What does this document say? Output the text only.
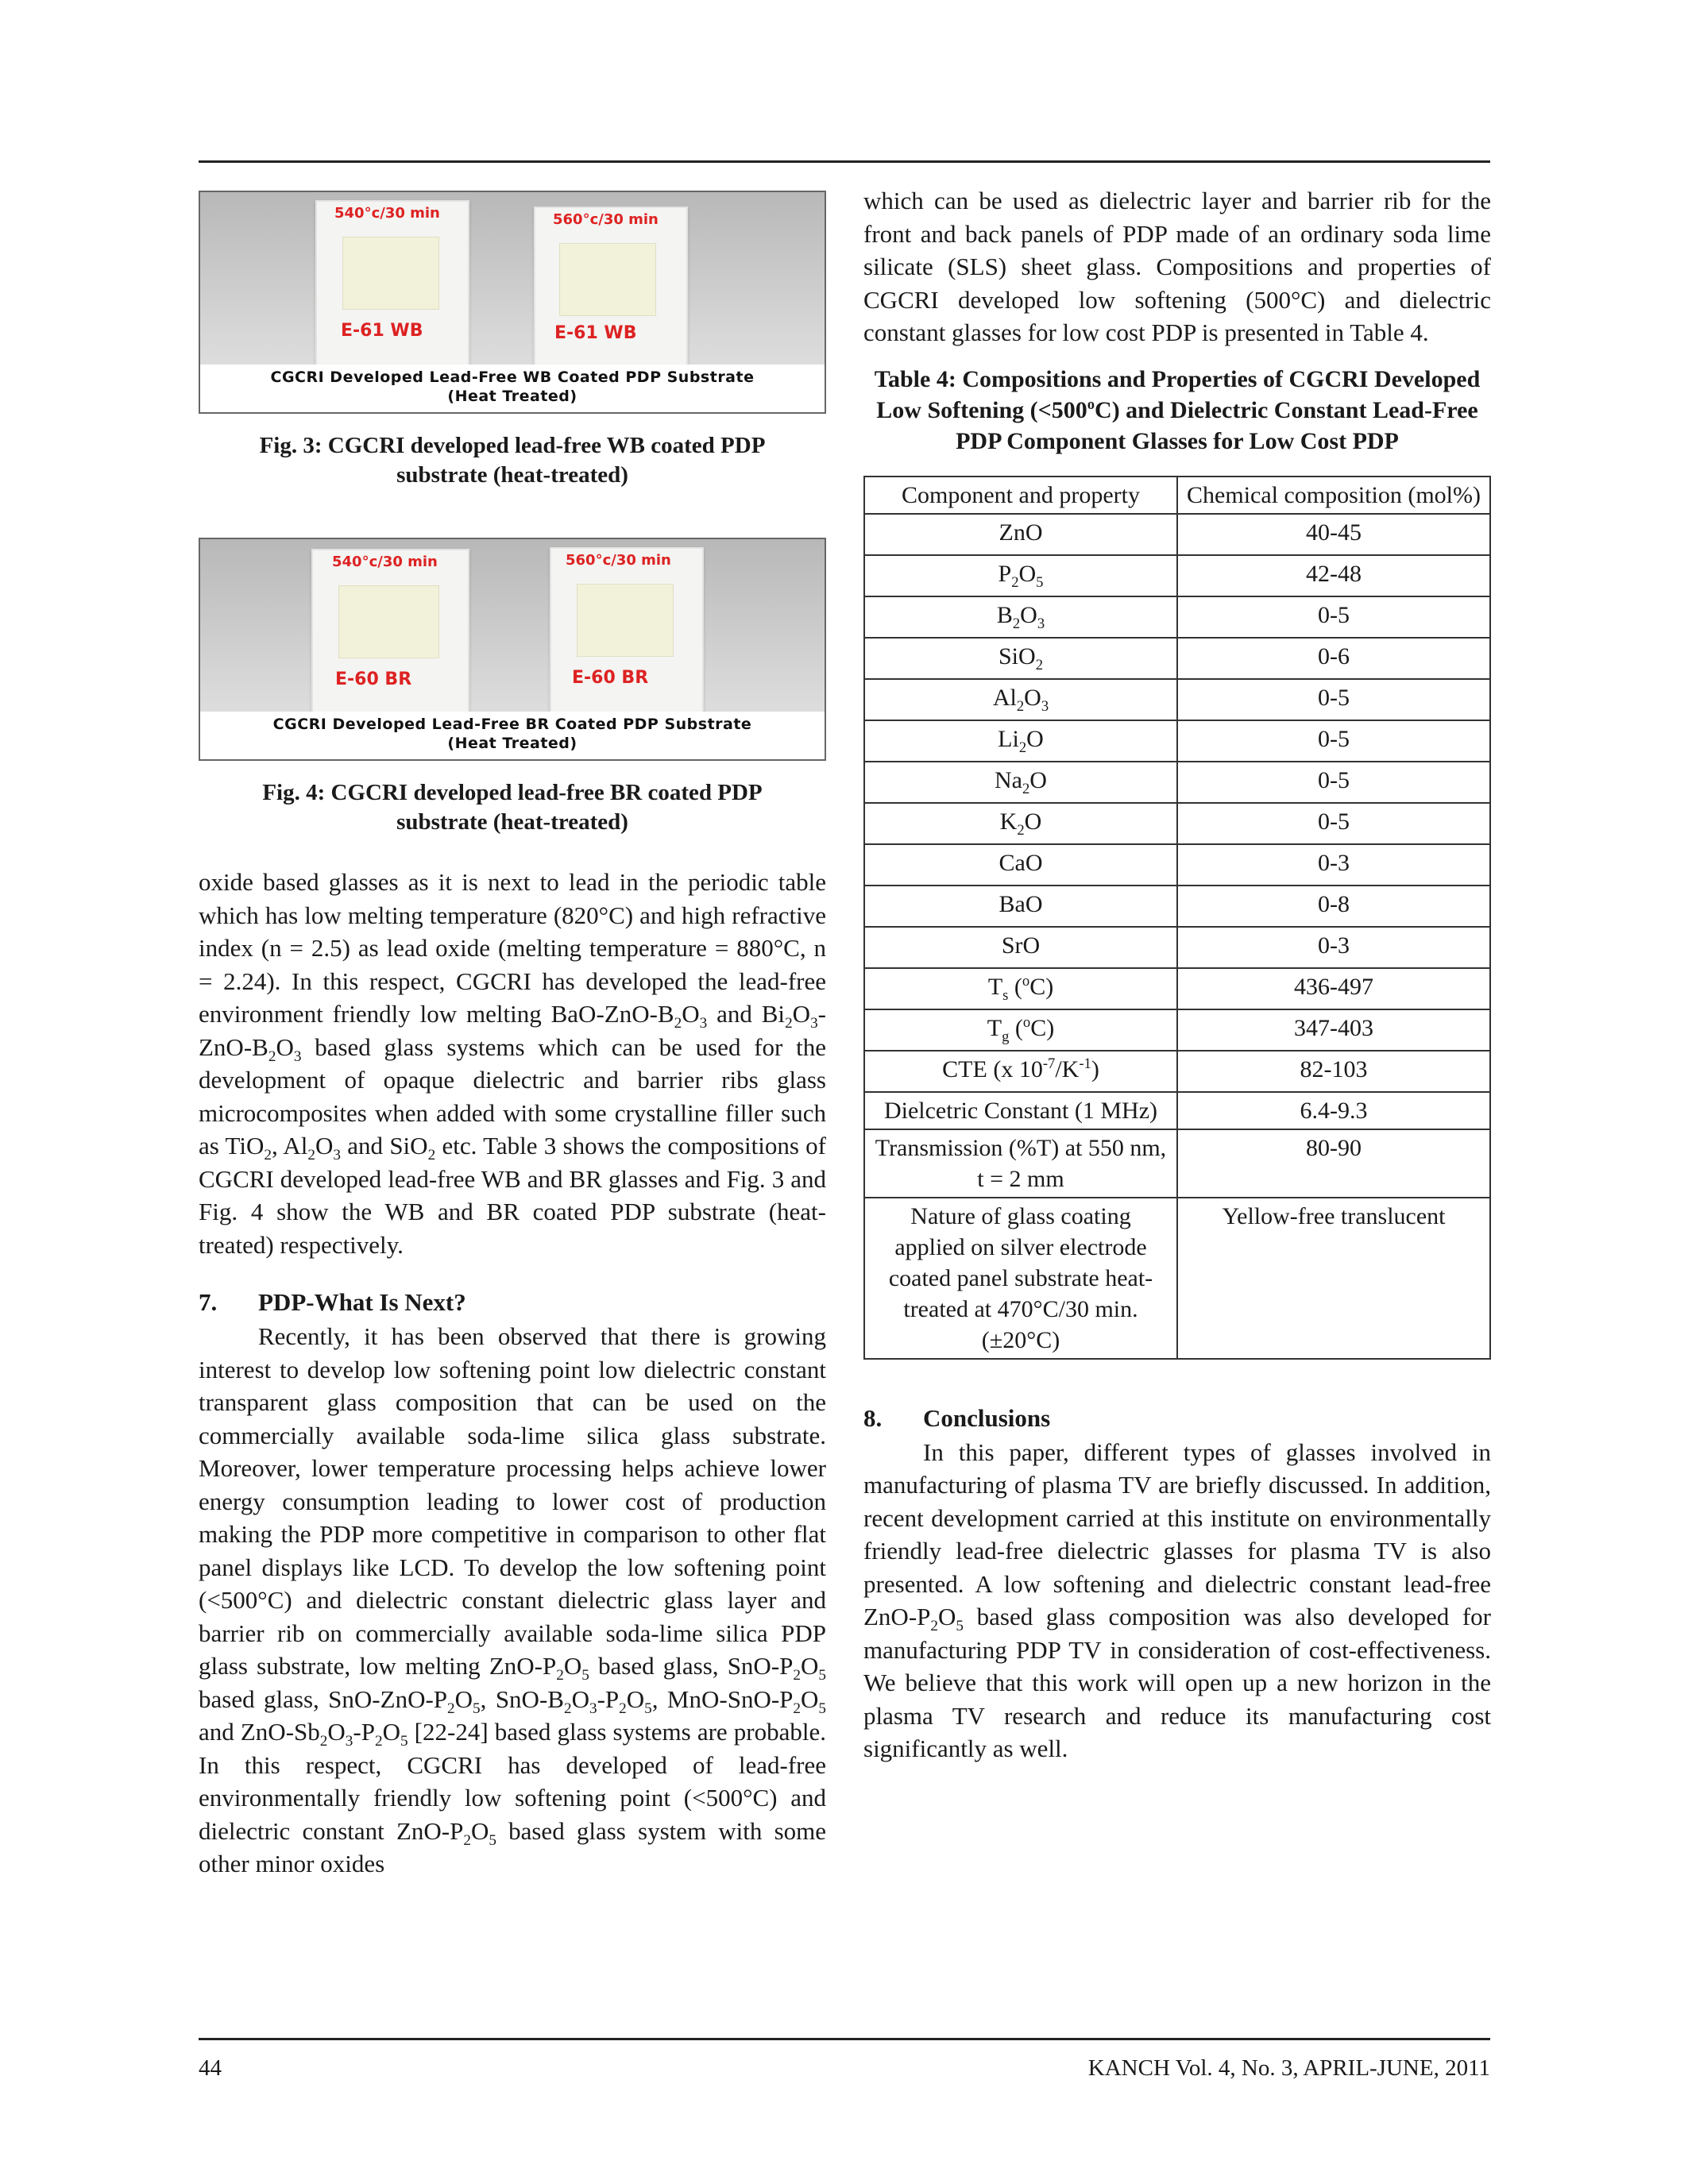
540°c/30 min
E-61 WB
560°c/30 min
E-61 WB
CGCRI Developed Lead-Free WB Coated PDP Substrate
(Heat Treated)
Fig. 3: CGCRI developed lead-free WB coated PDP
substrate (heat-treated)
540°c/30 min
E-60 BR
560°c/30 min
E-60 BR
CGCRI Developed Lead-Free BR Coated PDP Substrate
(Heat Treated)
Fig. 4: CGCRI developed lead-free BR coated PDP
substrate (heat-treated)

oxide based glasses as it is next to lead in the periodic table which has low melting temperature (820°C) and high refractive index (n = 2.5) as lead oxide (melting temperature = 880°C, n = 2.24). In this respect, CGCRI has developed the lead-free environment friendly low melting BaO-$ZnO-B_2O_3$ and $Bi_2O_3-ZnO-B_2O_3$ based glass systems which can be used for the development of opaque dielectric and barrier ribs glass microcomposites when added with some crystalline filler such as TiO$_2$, $Al_2O_3$ and SiO$_2$ etc. Table 3 shows the compositions of CGCRI developed lead-free WB and BR glasses and Fig. 3 and Fig. 4 show the WB and BR coated PDP substrate (heat-treated) respectively.

7. PDP-What Is Next?

Recently, it has been observed that there is growing interest to develop low softening point low dielectric constant transparent glass composition that can be used on the commercially available soda-lime silica glass substrate. Moreover, lower temperature processing helps achieve lower energy consumption leading to lower cost of production making the PDP more competitive in comparison to other flat panel displays like LCD. To develop the low softening point (<500°C) and dielectric constant dielectric glass layer and barrier rib on commercially available soda-lime silica PDP glass substrate, low melting ZnO-$P_2O_5$ based glass, SnO-$P_2O_5$ based glass, SnO-$ZnO-P_2O_5$, SnO-$B_2O_3-P_2O_5$, MnO-$SnO-P_2O_5$ and ZnO-$Sb_2O_3-P_2O_5$ [22-24] based glass systems are probable. In this respect, CGCRI has developed of lead-free environmentally friendly low softening point (<500°C) and dielectric constant ZnO-$P_2O_5$ based glass system with some other minor oxides

which can be used as dielectric layer and barrier rib for the front and back panels of PDP made of an ordinary soda lime silicate (SLS) sheet glass. Compositions and properties of CGCRI developed low softening (500°C) and dielectric constant glasses for low cost PDP is presented in Table 4.

Table 4: Compositions and Properties of CGCRI Developed Low Softening $(<500^oC)$ and Dielectric Constant Lead-Free PDP Component Glasses for Low Cost PDP
Component and property	Chemical composition (mol%)
ZnO	40-45
$P_2O_5$	42-48
$B_2O_3$	0-5
SiO$_2$	0-6
$Al_2O_3$	0-5
$Li_2O$	0-5
$Na_2O$	0-5
$K_2O$	0-5
CaO	0-3
BaO	0-8
SrO	0-3
$T_s$ ($^o$C)	436-497
$T_g$ ($^o$C)	347-403
CTE (x $10^{-7}/K^{-1}$)	82-103
Dielcetric Constant (1 MHz)	6.4-9.3
Transmission (%T) at 550 nm, t = 2 mm	80-90
Nature of glass coating applied on silver electrode coated panel substrate heat-treated at 470°C/30 min. (±20°C)	Yellow-free translucent

8. Conclusions

In this paper, different types of glasses involved in manufacturing of plasma TV are briefly discussed. In addition, recent development carried at this institute on environmentally friendly lead-free dielectric glasses for plasma TV is also presented. A low softening and dielectric constant lead-free ZnO-$P_2O_5$ based glass composition was also developed for manufacturing PDP TV in consideration of cost-effectiveness. We believe that this work will open up a new horizon in the plasma TV research and reduce its manufacturing cost significantly as well.

44	KANCH Vol. 4, No. 3, APRIL-JUNE, 2011
